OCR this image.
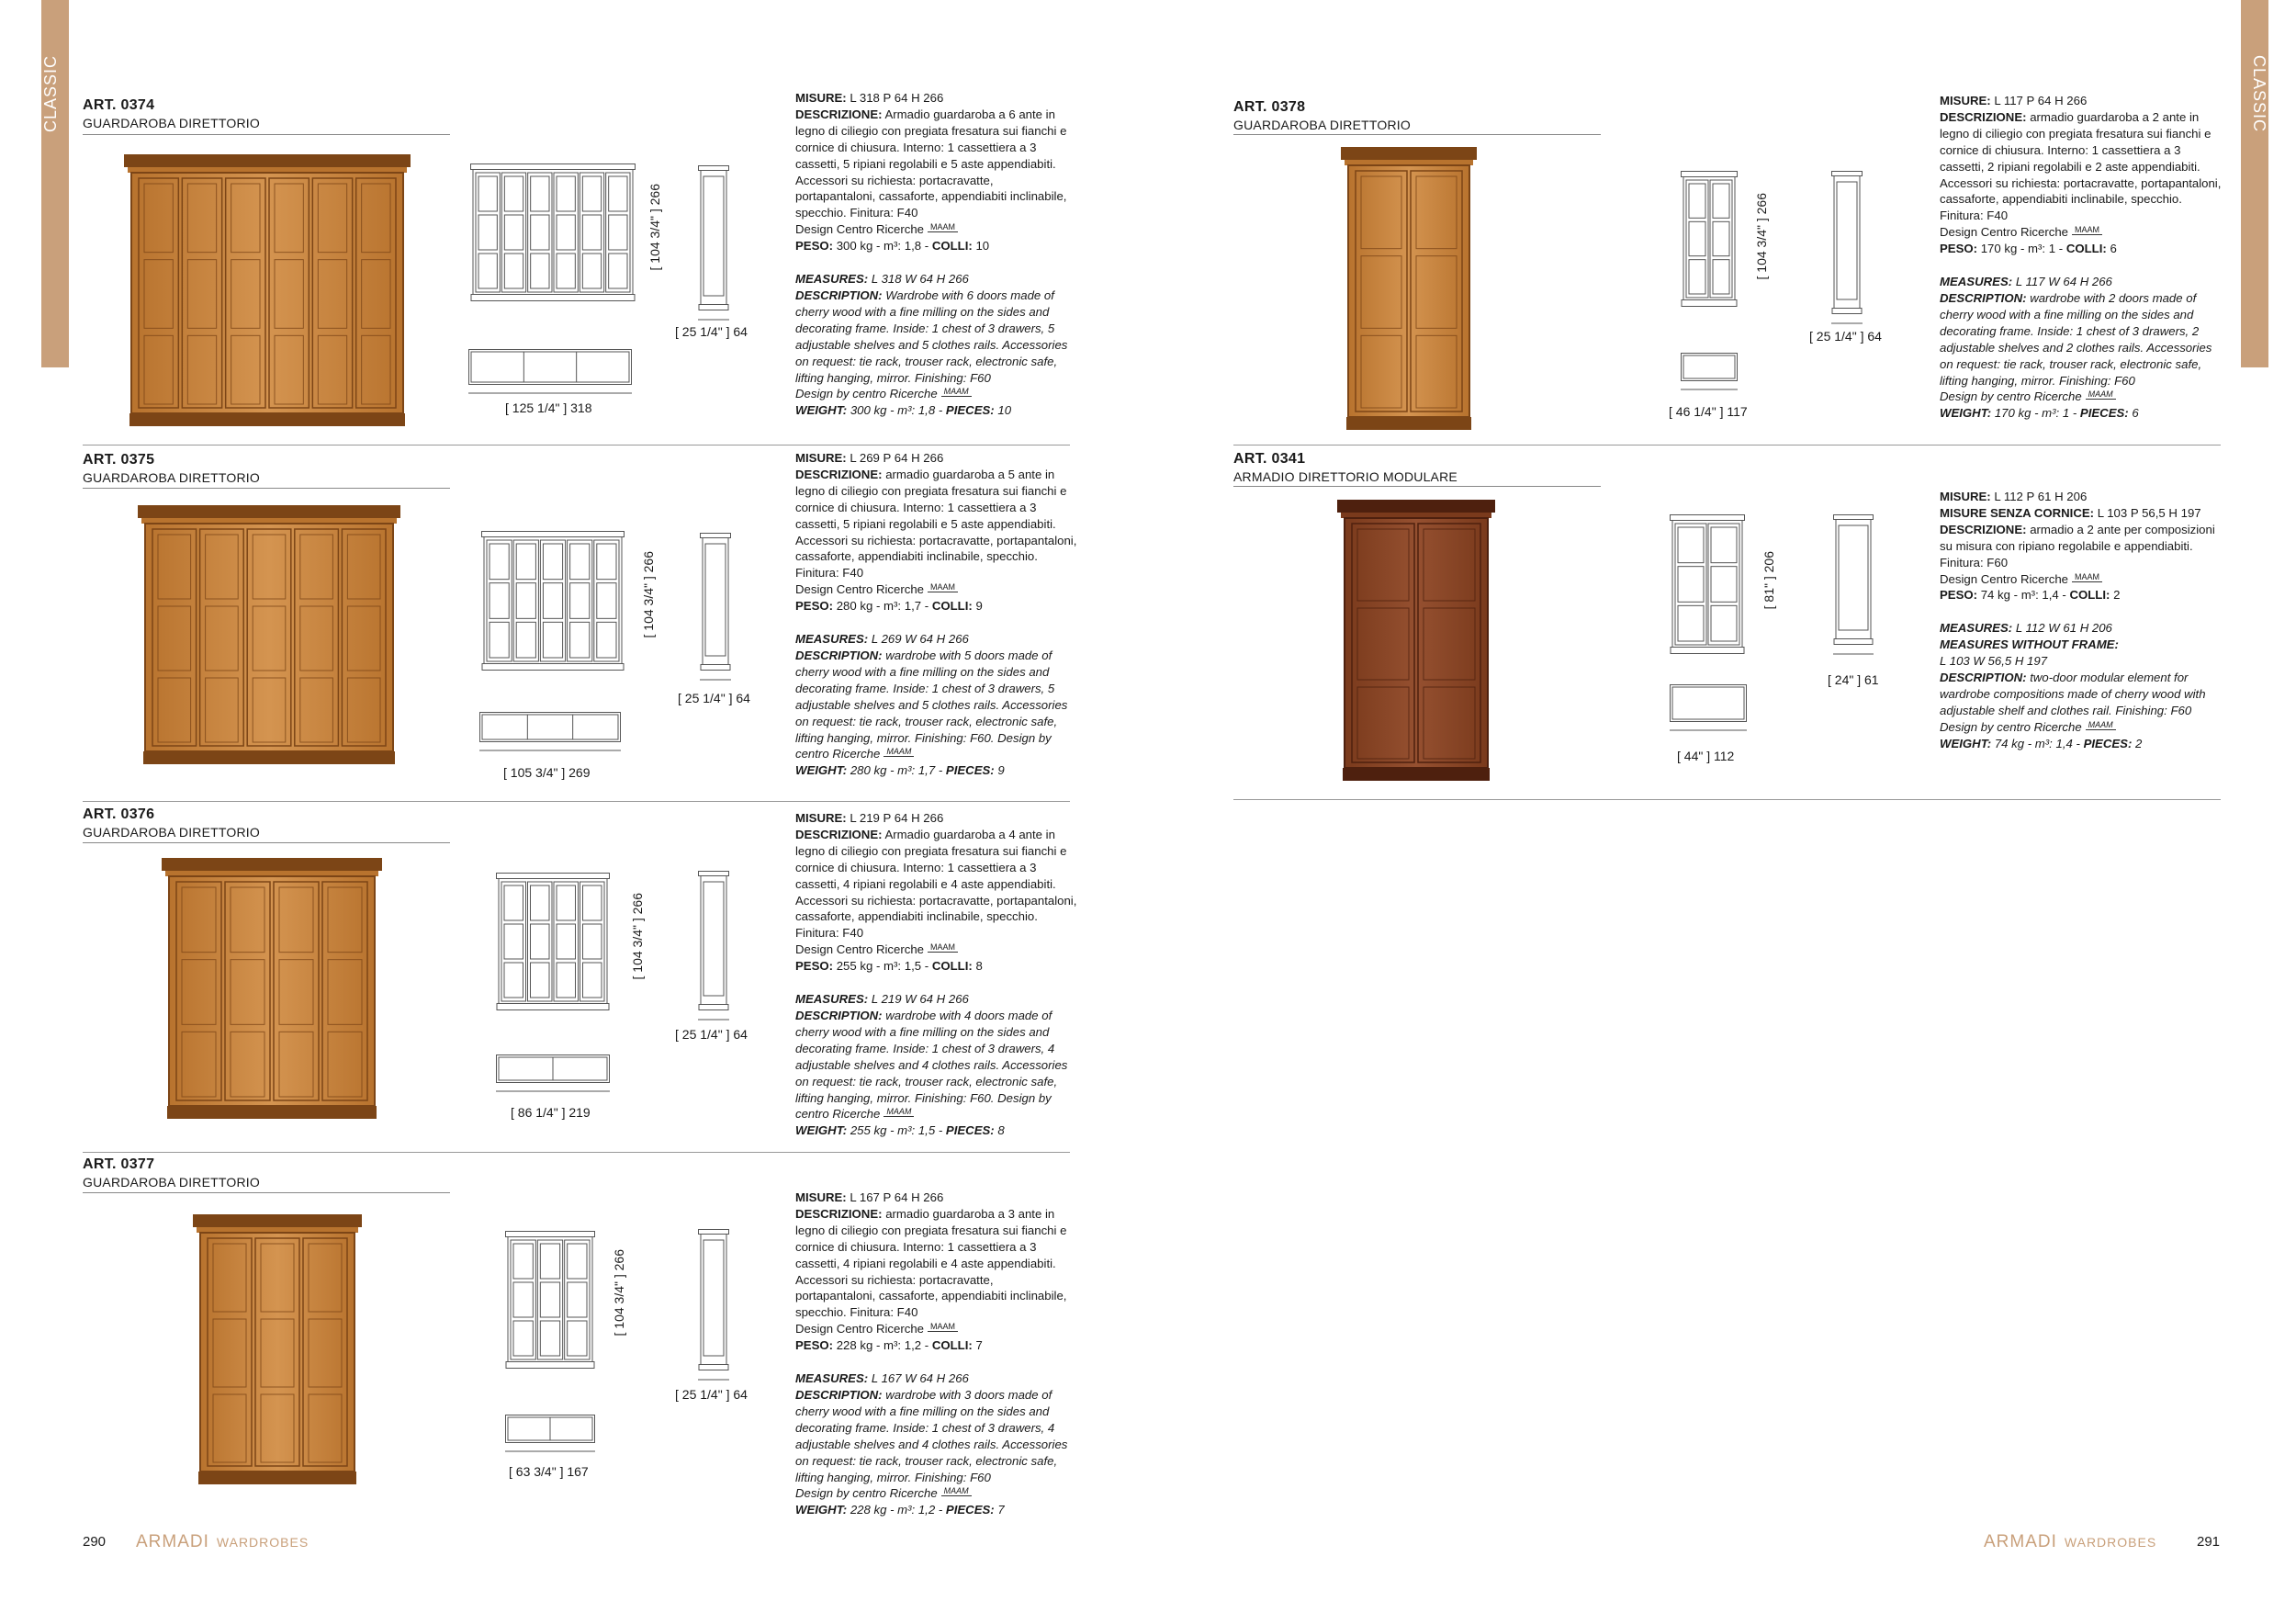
CLASSIC	CLASSIC
ART. 0374
GUARDAROBA DIRETTORIO
[ 104 3/4" ] 266
[ 25 1/4" ] 64
[ 125 1/4" ] 318

MISURE: L 318 P 64 H 266

DESCRIZIONE: Armadio guardaroba a 6 ante in legno di ciliegio con pregiata fresatura sui fianchi e cornice di chiusura. Interno: 1 cassettiera a 3 cassetti, 5 ripiani regolabili e 5 aste appendiabiti. Accessori su richiesta: portacravatte, portapantaloni, cassaforte, appendiabiti inclinabile, specchio. Finitura: F40

Design Centro Ricerche MAAM

PESO: 300 kg - m³: 1,8 - COLLI: 10

MEASURES: L 318 W 64 H 266

DESCRIPTION: Wardrobe with 6 doors made of cherry wood with a fine milling on the sides and decorating frame. Inside: 1 chest of 3 drawers, 5 adjustable shelves and 5 clothes rails. Accessories on request: tie rack, trouser rack, electronic safe, lifting hanging, mirror. Finishing: F60

Design by centro Ricerche MAAM

WEIGHT: 300 kg - m³: 1,8 - PIECES: 10

ART. 0375
GUARDAROBA DIRETTORIO
[ 104 3/4" ] 266
[ 25 1/4" ] 64
[ 105 3/4" ] 269

MISURE: L 269 P 64 H 266

DESCRIZIONE: armadio guardaroba a 5 ante in legno di ciliegio con pregiata fresatura sui fianchi e cornice di chiusura. Interno: 1 cassettiera a 3 cassetti, 5 ripiani regolabili e 5 aste appendiabiti. Accessori su richiesta: portacravatte, portapantaloni, cassaforte, appendiabiti inclinabile, specchio. Finitura: F40

Design Centro Ricerche MAAM

PESO: 280 kg - m³: 1,7 - COLLI: 9

MEASURES: L 269 W 64 H 266

DESCRIPTION: wardrobe with 5 doors made of cherry wood with a fine milling on the sides and decorating frame. Inside: 1 chest of 3 drawers, 5 adjustable shelves and 5 clothes rails. Accessories on request: tie rack, trouser rack, electronic safe, lifting hanging, mirror. Finishing: F60. Design by centro Ricerche MAAM

WEIGHT: 280 kg - m³: 1,7 - PIECES: 9

ART. 0376
GUARDAROBA DIRETTORIO
[ 104 3/4" ] 266
[ 25 1/4" ] 64
[ 86 1/4" ] 219

MISURE: L 219 P 64 H 266

DESCRIZIONE: Armadio guardaroba a 4 ante in legno di ciliegio con pregiata fresatura sui fianchi e cornice di chiusura. Interno: 1 cassettiera a 3 cassetti, 4 ripiani regolabili e 4 aste appendiabiti. Accessori su richiesta: portacravatte, portapantaloni, cassaforte, appendiabiti inclinabile, specchio. Finitura: F40

Design Centro Ricerche MAAM

PESO: 255 kg - m³: 1,5 - COLLI: 8

MEASURES: L 219 W 64 H 266

DESCRIPTION: wardrobe with 4 doors made of cherry wood with a fine milling on the sides and decorating frame. Inside: 1 chest of 3 drawers, 4 adjustable shelves and 4 clothes rails. Accessories on request: tie rack, trouser rack, electronic safe, lifting hanging, mirror. Finishing: F60. Design by centro Ricerche MAAM

WEIGHT: 255 kg - m³: 1,5 - PIECES: 8

ART. 0377
GUARDAROBA DIRETTORIO
[ 104 3/4" ] 266
[ 25 1/4" ] 64
[ 63 3/4" ] 167

MISURE: L 167 P 64 H 266

DESCRIZIONE: armadio guardaroba a 3 ante in legno di ciliegio con pregiata fresatura sui fianchi e cornice di chiusura. Interno: 1 cassettiera a 3 cassetti, 4 ripiani regolabili e 4 aste appendiabiti. Accessori su richiesta: portacravatte, portapantaloni, cassaforte, appendiabiti inclinabile, specchio. Finitura: F40

Design Centro Ricerche MAAM

PESO: 228 kg - m³: 1,2 - COLLI: 7

MEASURES: L 167 W 64 H 266

DESCRIPTION: wardrobe with 3 doors made of cherry wood with a fine milling on the sides and decorating frame. Inside: 1 chest of 3 drawers, 4 adjustable shelves and 4 clothes rails. Accessories on request: tie rack, trouser rack, electronic safe, lifting hanging, mirror. Finishing: F60

Design by centro Ricerche MAAM

WEIGHT: 228 kg - m³: 1,2 - PIECES: 7

ART. 0378
GUARDAROBA DIRETTORIO
[ 104 3/4" ] 266
[ 25 1/4" ] 64
[ 46 1/4" ] 117

MISURE: L 117 P 64 H 266

DESCRIZIONE: armadio guardaroba a 2 ante in legno di ciliegio con pregiata fresatura sui fianchi e cornice di chiusura. Interno: 1 cassettiera a 3 cassetti, 2 ripiani regolabili e 2 aste appendiabiti. Accessori su richiesta: portacravatte, portapantaloni, cassaforte, appendiabiti inclinabile, specchio. Finitura: F40

Design Centro Ricerche MAAM

PESO: 170 kg - m³: 1 - COLLI: 6

MEASURES: L 117 W 64 H 266

DESCRIPTION: wardrobe with 2 doors made of cherry wood with a fine milling on the sides and decorating frame. Inside: 1 chest of 3 drawers, 2 adjustable shelves and 2 clothes rails. Accessories on request: tie rack, trouser rack, electronic safe, lifting hanging, mirror. Finishing: F60

Design by centro Ricerche MAAM

WEIGHT: 170 kg - m³: 1 - PIECES: 6

ART. 0341
ARMADIO DIRETTORIO MODULARE
[ 81" ] 206
[ 24" ] 61
[ 44" ] 112

MISURE: L 112 P 61 H 206

MISURE SENZA CORNICE: L 103 P 56,5 H 197

DESCRIZIONE: armadio a 2 ante per composizioni su misura con ripiano regolabile e appendiabiti. Finitura: F60

Design Centro Ricerche MAAM

PESO: 74 kg - m³: 1,4 - COLLI: 2

MEASURES: L 112 W 61 H 206

MEASURES WITHOUT FRAME:

L 103 W 56,5 H 197

DESCRIPTION: two-door modular element for wardrobe compositions made of cherry wood with adjustable shelf and clothes rail. Finishing: F60

Design by centro Ricerche MAAM

WEIGHT: 74 kg - m³: 1,4 - PIECES: 2

290 ARMADI WARDROBES	ARMADI WARDROBES	291
